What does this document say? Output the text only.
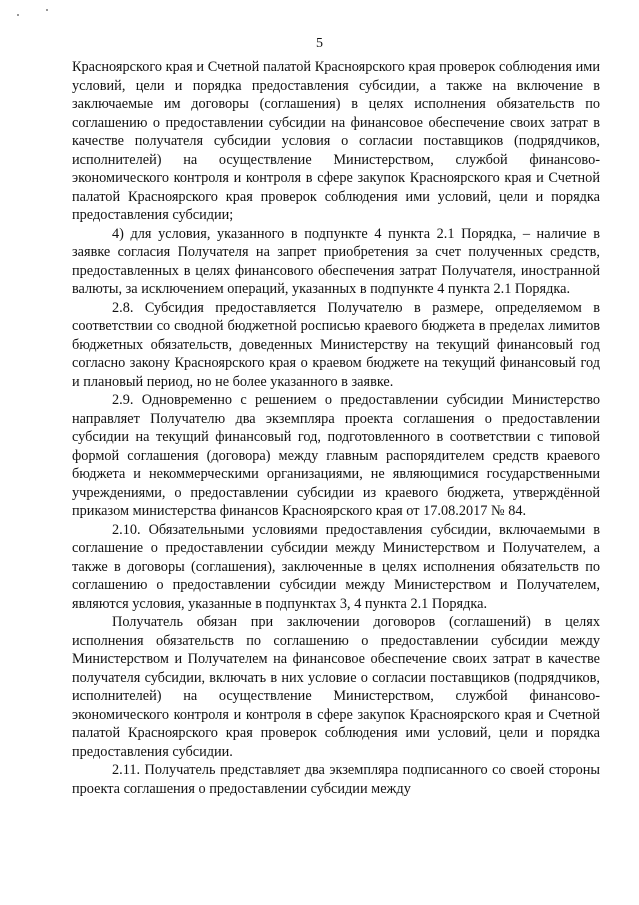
5

Красноярского края и Счетной палатой Красноярского края проверок соблюдения ими условий, цели и порядка предоставления субсидии, а также на включение в заключаемые им договоры (соглашения) в целях исполнения обязательств по соглашению о предоставлении субсидии на финансовое обеспечение своих затрат в качестве получателя субсидии условия о согласии поставщиков (подрядчиков, исполнителей) на осуществление Министерством, службой финансово-экономического контроля и контроля в сфере закупок Красноярского края и Счетной палатой Красноярского края проверок соблюдения ими условий, цели и порядка предоставления субсидии;

4) для условия, указанного в подпункте 4 пункта 2.1 Порядка, – наличие в заявке согласия Получателя на запрет приобретения за счет полученных средств, предоставленных в целях финансового обеспечения затрат Получателя, иностранной валюты, за исключением операций, указанных в подпункте 4 пункта 2.1 Порядка.

2.8. Субсидия предоставляется Получателю в размере, определяемом в соответствии со сводной бюджетной росписью краевого бюджета в пределах лимитов бюджетных обязательств, доведенных Министерству на текущий финансовый год согласно закону Красноярского края о краевом бюджете на текущий финансовый год и плановый период, но не более указанного в заявке.

2.9. Одновременно с решением о предоставлении субсидии Министерство направляет Получателю два экземпляра проекта соглашения о предоставлении субсидии на текущий финансовый год, подготовленного в соответствии с типовой формой соглашения (договора) между главным распорядителем средств краевого бюджета и некоммерческими организациями, не являющимися государственными учреждениями, о предоставлении субсидии из краевого бюджета, утверждённой приказом министерства финансов Красноярского края от 17.08.2017 № 84.

2.10. Обязательными условиями предоставления субсидии, включаемыми в соглашение о предоставлении субсидии между Министерством и Получателем, а также в договоры (соглашения), заключенные в целях исполнения обязательств по соглашению о предоставлении субсидии между Министерством и Получателем, являются условия, указанные в подпунктах 3, 4 пункта 2.1 Порядка.

Получатель обязан при заключении договоров (соглашений) в целях исполнения обязательств по соглашению о предоставлении субсидии между Министерством и Получателем на финансовое обеспечение своих затрат в качестве получателя субсидии, включать в них условие о согласии поставщиков (подрядчиков, исполнителей) на осуществление Министерством, службой финансово-экономического контроля и контроля в сфере закупок Красноярского края и Счетной палатой Красноярского края проверок соблюдения ими условий, цели и порядка предоставления субсидии.

2.11. Получатель представляет два экземпляра подписанного со своей стороны проекта соглашения о предоставлении субсидии между
